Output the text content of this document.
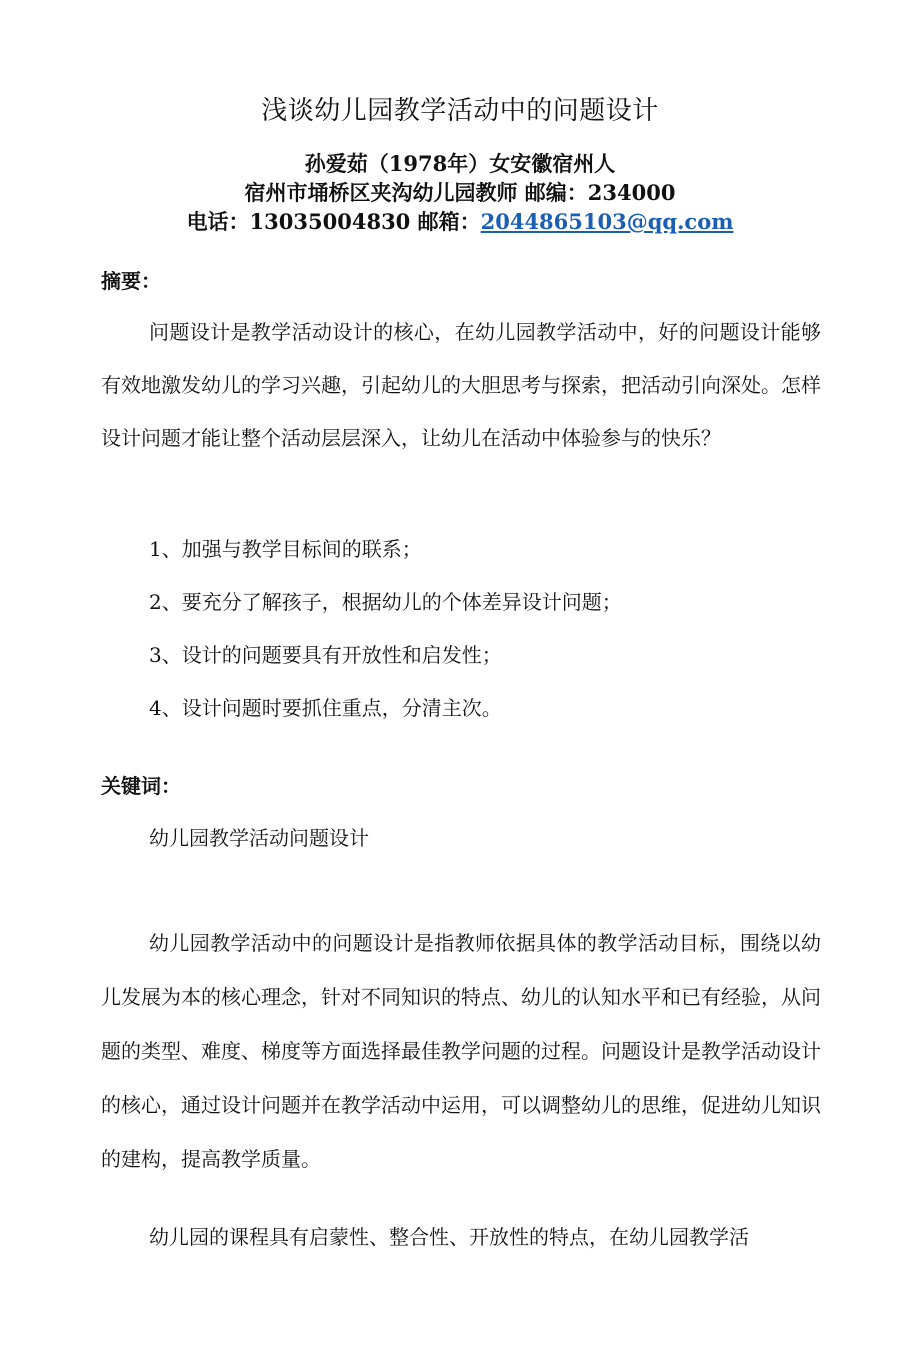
浅谈幼儿园教学活动中的问题设计
孙爱茹（1978年）女安徽宿州人
宿州市埇桥区夹沟幼儿园教师 邮编：234000
电话：13035004830 邮箱：2044865103@qq.com
摘要：

问题设计是教学活动设计的核心，在幼儿园教学活动中，好的问题设计能够有效地激发幼儿的学习兴趣，引起幼儿的大胆思考与探索，把活动引向深处。怎样设计问题才能让整个活动层层深入，让幼儿在活动中体验参与的快乐？

1、加强与教学目标间的联系；
2、要充分了解孩子，根据幼儿的个体差异设计问题；
3、设计的问题要具有开放性和启发性；
4、设计问题时要抓住重点，分清主次。
关键词：
幼儿园教学活动问题设计

幼儿园教学活动中的问题设计是指教师依据具体的教学活动目标，围绕以幼儿发展为本的核心理念，针对不同知识的特点、幼儿的认知水平和已有经验，从问题的类型、难度、梯度等方面选择最佳教学问题的过程。问题设计是教学活动设计的核心，通过设计问题并在教学活动中运用，可以调整幼儿的思维，促进幼儿知识的建构，提高教学质量。

幼儿园的课程具有启蒙性、整合性、开放性的特点，在幼儿园教学活
